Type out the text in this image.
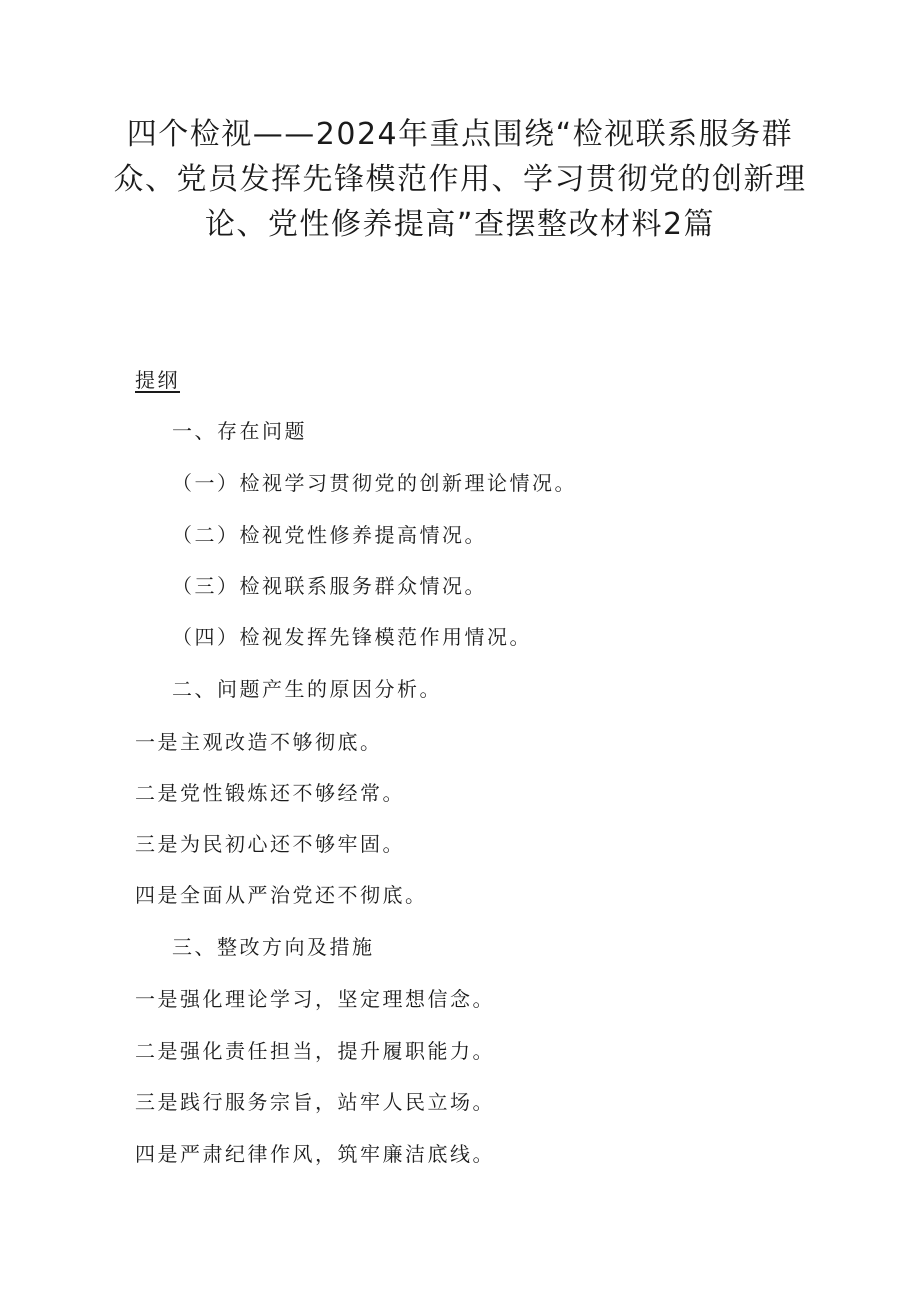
四个检视——2024年重点围绕“检视联系服务群众、党员发挥先锋模范作用、学习贯彻党的创新理论、党性修养提高”查摆整改材料2篇
提纲
一、存在问题
（一）检视学习贯彻党的创新理论情况。
（二）检视党性修养提高情况。
（三）检视联系服务群众情况。
（四）检视发挥先锋模范作用情况。
二、问题产生的原因分析。
一是主观改造不够彻底。
二是党性锻炼还不够经常。
三是为民初心还不够牢固。
四是全面从严治党还不彻底。
三、整改方向及措施
一是强化理论学习，坚定理想信念。
二是强化责任担当，提升履职能力。
三是践行服务宗旨，站牢人民立场。
四是严肃纪律作风，筑牢廉洁底线。
